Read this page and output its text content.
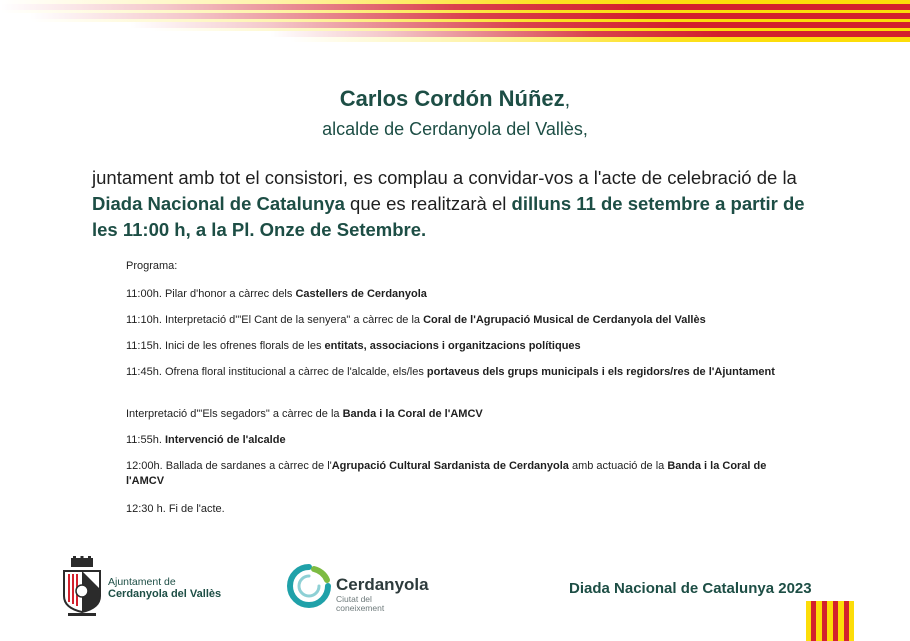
Carlos Cordón Núñez,
alcalde de Cerdanyola del Vallès,
juntament amb tot el consistori, es complau a convidar-vos a l'acte de celebració de la Diada Nacional de Catalunya que es realitzarà el dilluns 11 de setembre a partir de les 11:00 h, a la Pl. Onze de Setembre.
Programa:
11:00h. Pilar d'honor a càrrec dels Castellers de Cerdanyola
11:10h. Interpretació d'"El Cant de la senyera" a càrrec de la Coral de l'Agrupació Musical de Cerdanyola del Vallès
11:15h. Inici de les ofrenes florals de les entitats, associacions i organitzacions polítiques
11:45h. Ofrena floral institucional a càrrec de l'alcalde, els/les portaveus dels grups municipals i els regidors/res de l'Ajuntament
Interpretació d'"Els segadors" a càrrec de la Banda i la Coral de l'AMCV
11:55h. Intervenció de l'alcalde
12:00h. Ballada de sardanes a càrrec de l'Agrupació Cultural Sardanista de Cerdanyola amb actuació de la Banda i la Coral de l'AMCV
12:30 h. Fi de l'acte.
Ajuntament de
Cerdanyola del Vallès	Cerdanyola
Ciutat del
coneixement
Diada Nacional de Catalunya 2023
